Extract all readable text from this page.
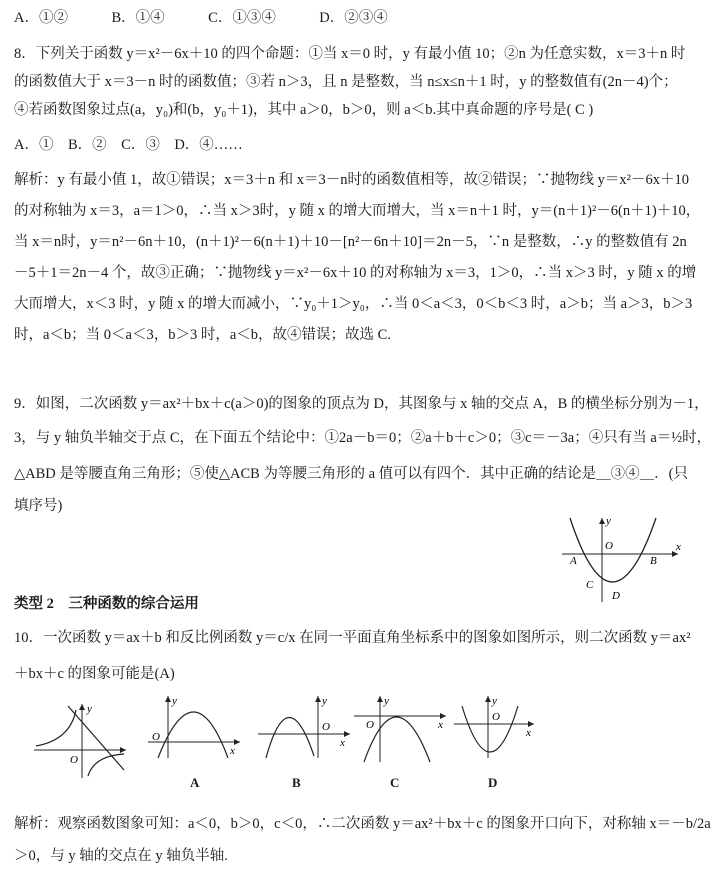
A．①②　　　B．①④　　　C．①③④　　　D．②③④
8．下列关于函数 y＝x²－6x＋10 的四个命题：①当 x＝0 时，y 有最小值 10；②n 为任意实数，x＝3＋n 时
的函数值大于 x＝3－n 时的函数值；③若 n＞3，且 n 是整数，当 n≤x≤n＋1 时，y 的整数值有(2n－4)个；
④若函数图象过点(a，y₀)和(b，y₀＋1)，其中 a＞0，b＞0，则 a＜b.其中真命题的序号是( C )
A．①　B．②　C．③　D．④……
解析：y 有最小值 1，故①错误；x＝3＋n 和 x＝3－n时的函数值相等，故②错误；∵抛物线 y＝x²－6x＋10
的对称轴为 x＝3，a＝1＞0，∴当 x＞3时，y 随 x 的增大而增大，当 x＝n＋1 时，y＝(n＋1)²－6(n＋1)＋10，
当 x＝n时，y＝n²－6n＋10，(n＋1)²－6(n＋1)＋10－[n²－6n＋10]＝2n－5，∵n 是整数，∴y 的整数值有 2n
－5＋1＝2n－4 个，故③正确；∵抛物线 y＝x²－6x＋10 的对称轴为 x＝3，1＞0，∴当 x＞3 时，y 随 x 的增
大而增大，x＜3 时，y 随 x 的增大而减小，∵y₀＋1＞y₀，∴当 0＜a＜3，0＜b＜3 时，a＞b；当 a＞3，b＞3
时，a＜b；当 0＜a＜3，b＞3 时，a＜b，故④错误；故选 C.
9．如图，二次函数 y＝ax²＋bx＋c(a＞0)的图象的顶点为 D，其图象与 x 轴的交点 A，B 的横坐标分别为－1，
3，与 y 轴负半轴交于点 C，在下面五个结论中：①2a－b＝0；②a＋b＋c＞0；③c＝－3a；④只有当 a＝½时，
△ABD 是等腰直角三角形；⑤使△ACB 为等腰三角形的 a 值可以有四个．其中正确的结论是＿③④＿．(只
填序号)
y
O	x
A	B
C
D
类型 2　三种函数的综合运用
10．一次函数 y＝ax＋b 和反比例函数 y＝c/x 在同一平面直角坐标系中的图象如图所示，则二次函数 y＝ax²
＋bx＋c 的图象可能是(A)
y
O
y
O
x
A
y
O
x
B
y
O	x
C
y
O
x
D
解析：观察函数图象可知：a＜0，b＞0，c＜0，∴二次函数 y＝ax²＋bx＋c 的图象开口向下，对称轴 x＝－b/2a
＞0，与 y 轴的交点在 y 轴负半轴.
